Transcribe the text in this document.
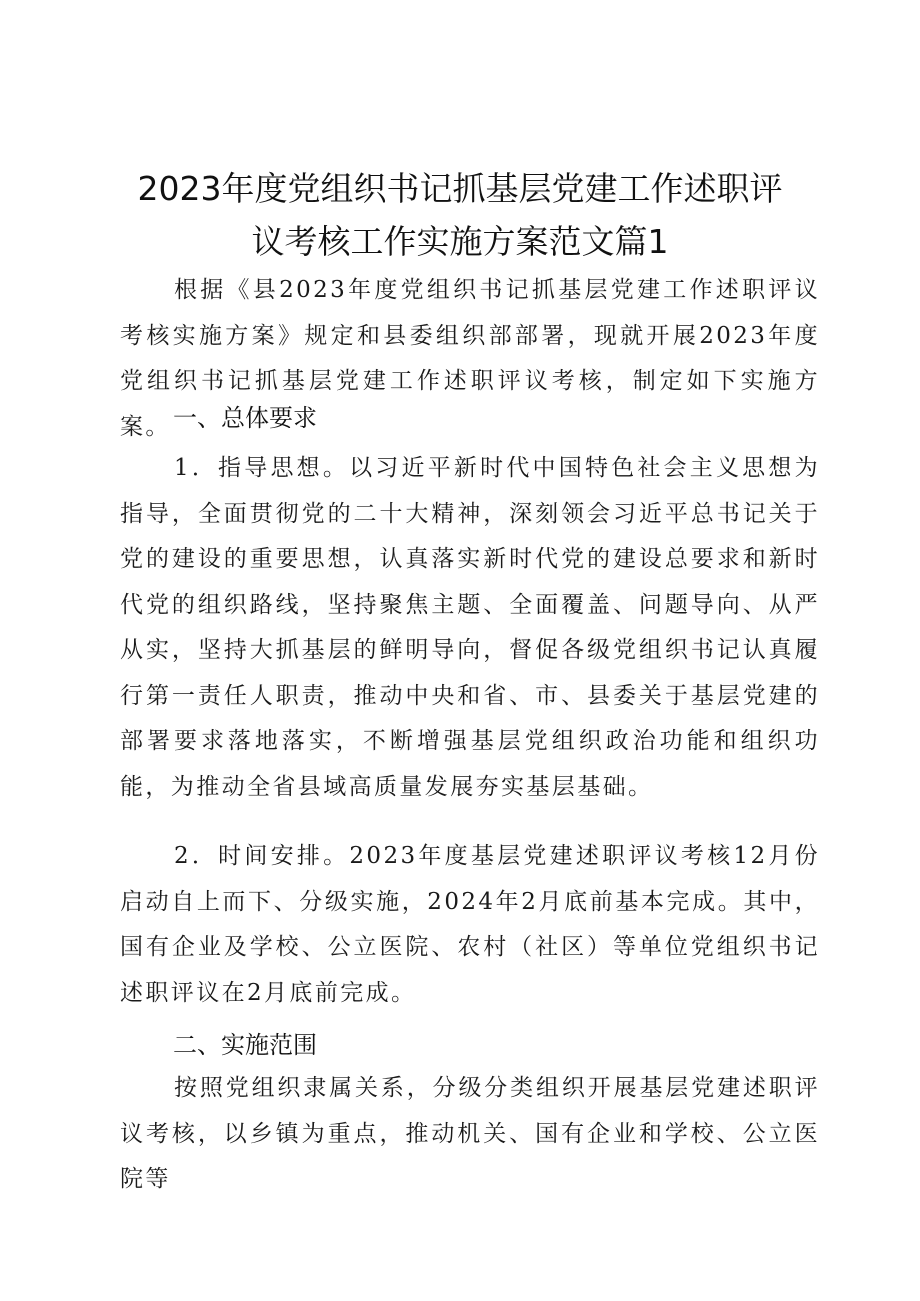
2023年度党组织书记抓基层党建工作述职评
议考核工作实施方案范文篇1

根据《县2023年度党组织书记抓基层党建工作述职评议考核实施方案》规定和县委组织部部署，现就开展2023年度党组织书记抓基层党建工作述职评议考核，制定如下实施方案。 一、总体要求

1．指导思想。以习近平新时代中国特色社会主义思想为指导，全面贯彻党的二十大精神，深刻领会习近平总书记关于党的建设的重要思想，认真落实新时代党的建设总要求和新时代党的组织路线，坚持聚焦主题、全面覆盖、问题导向、从严从实，坚持大抓基层的鲜明导向，督促各级党组织书记认真履行第一责任人职责，推动中央和省、市、县委关于基层党建的部署要求落地落实，不断增强基层党组织政治功能和组织功能，为推动全省县域高质量发展夯实基层基础。

2．时间安排。2023年度基层党建述职评议考核12月份启动自上而下、分级实施，2024年2月底前基本完成。其中，国有企业及学校、公立医院、农村（社区）等单位党组织书记述职评议在2月底前完成。

二、实施范围

按照党组织隶属关系，分级分类组织开展基层党建述职评议考核，以乡镇为重点，推动机关、国有企业和学校、公立医院等
